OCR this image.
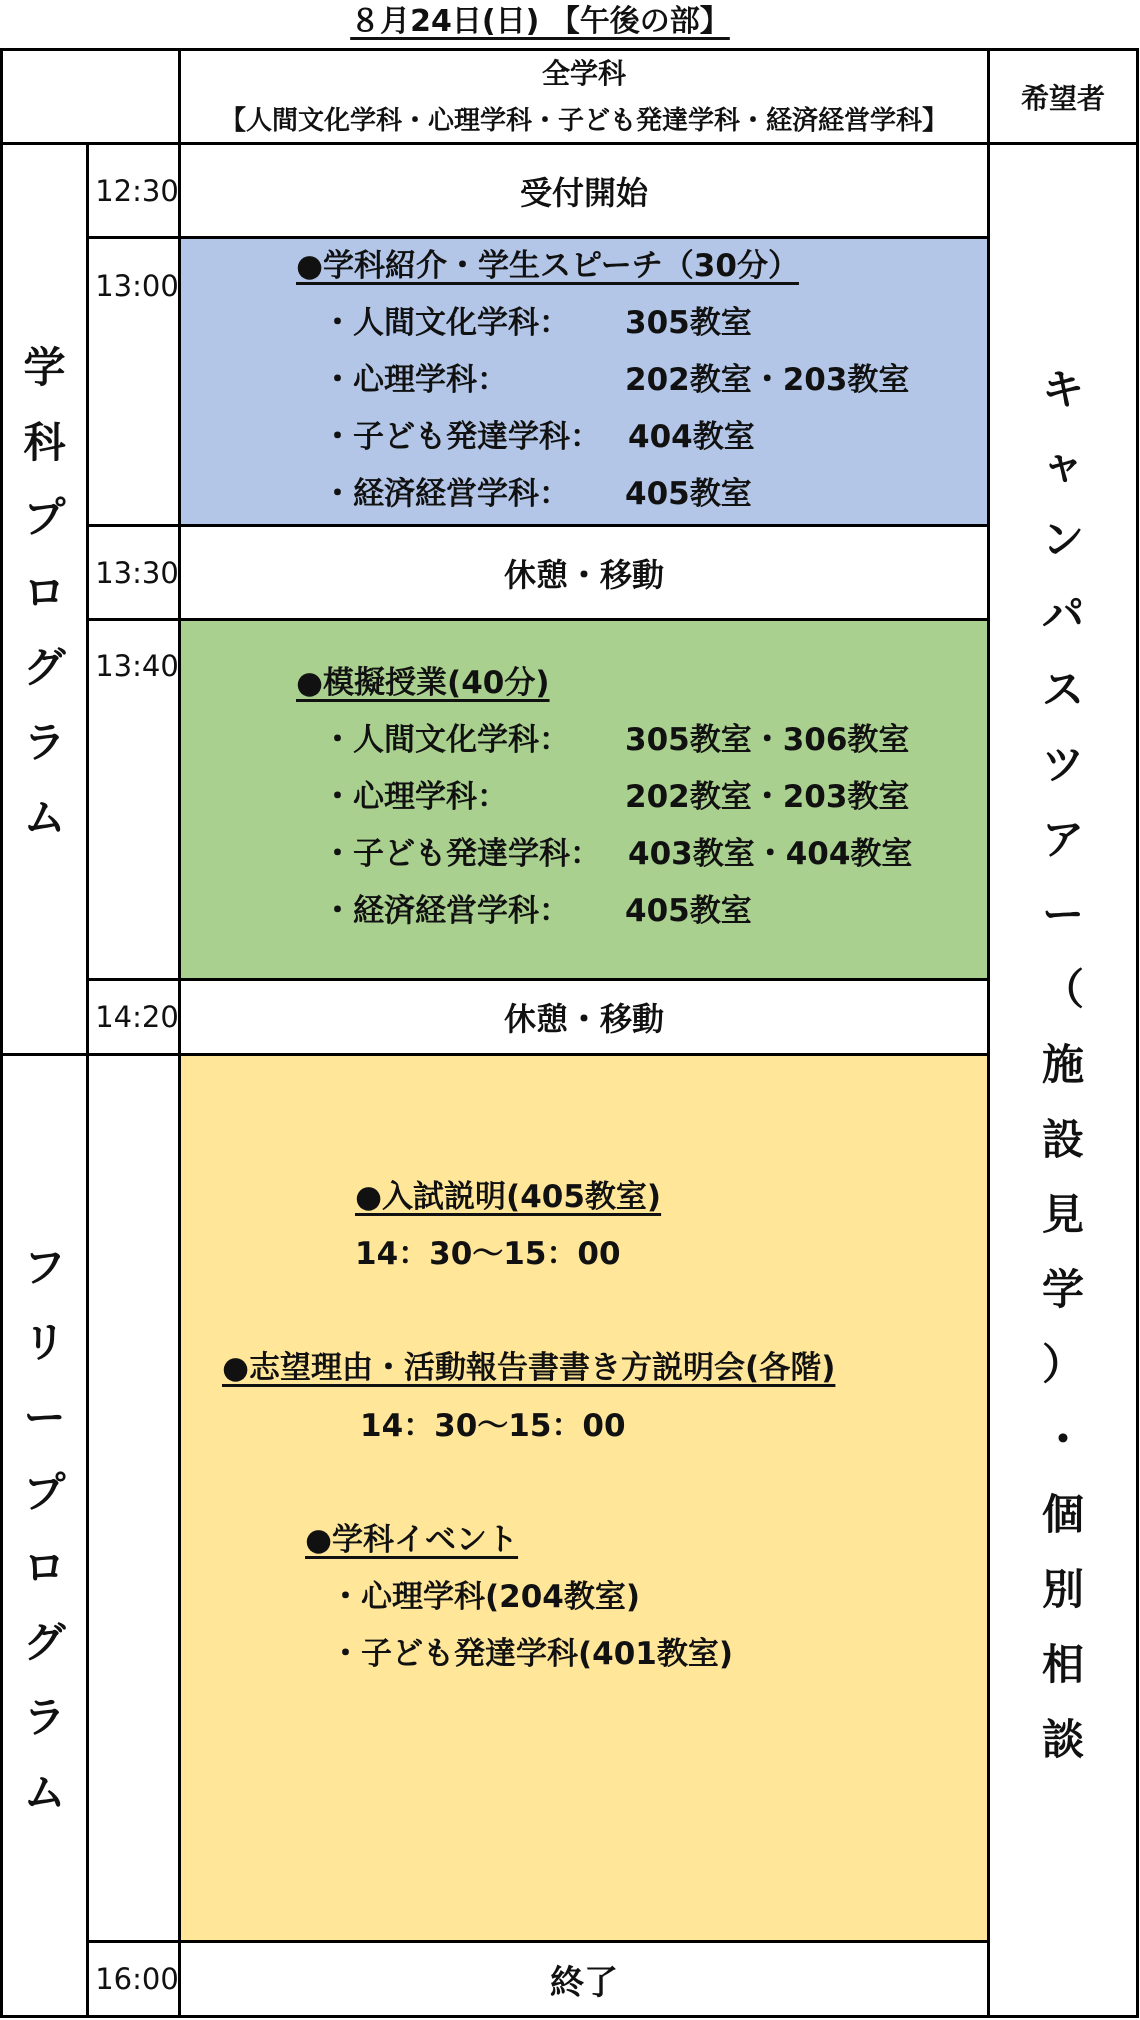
８月24日(日) 【午後の部】
全学科
【人間文化学科・心理学科・子ども発達学科・経済経営学科】
希望者
学
科
プ
ロ
グ
ラ
ム
フ
リ
ー
プ
ロ
グ
ラ
ム
キ
ャ
ン
パ
ス
ツ
ア
ー
（
施
設
見
学
）
・
個
別
相
談
12:30
13:00
13:30
13:40
14:20
16:00
受付開始
休憩・移動
休憩・移動
終了
●学科紹介・学生スピーチ（30分）
・人間文化学科： 305教室
・心理学科：	202教室・203教室
・子ども発達学科： 404教室
・経済経営学科： 405教室
●模擬授業(40分)
・人間文化学科： 305教室・306教室
・心理学科：	202教室・203教室
・子ども発達学科： 403教室・404教室
・経済経営学科： 405教室
●入試説明(405教室)
14：30～15：00
●志望理由・活動報告書書き方説明会(各階)
14：30～15：00
●学科イベント
・心理学科(204教室)
・子ども発達学科(401教室)
